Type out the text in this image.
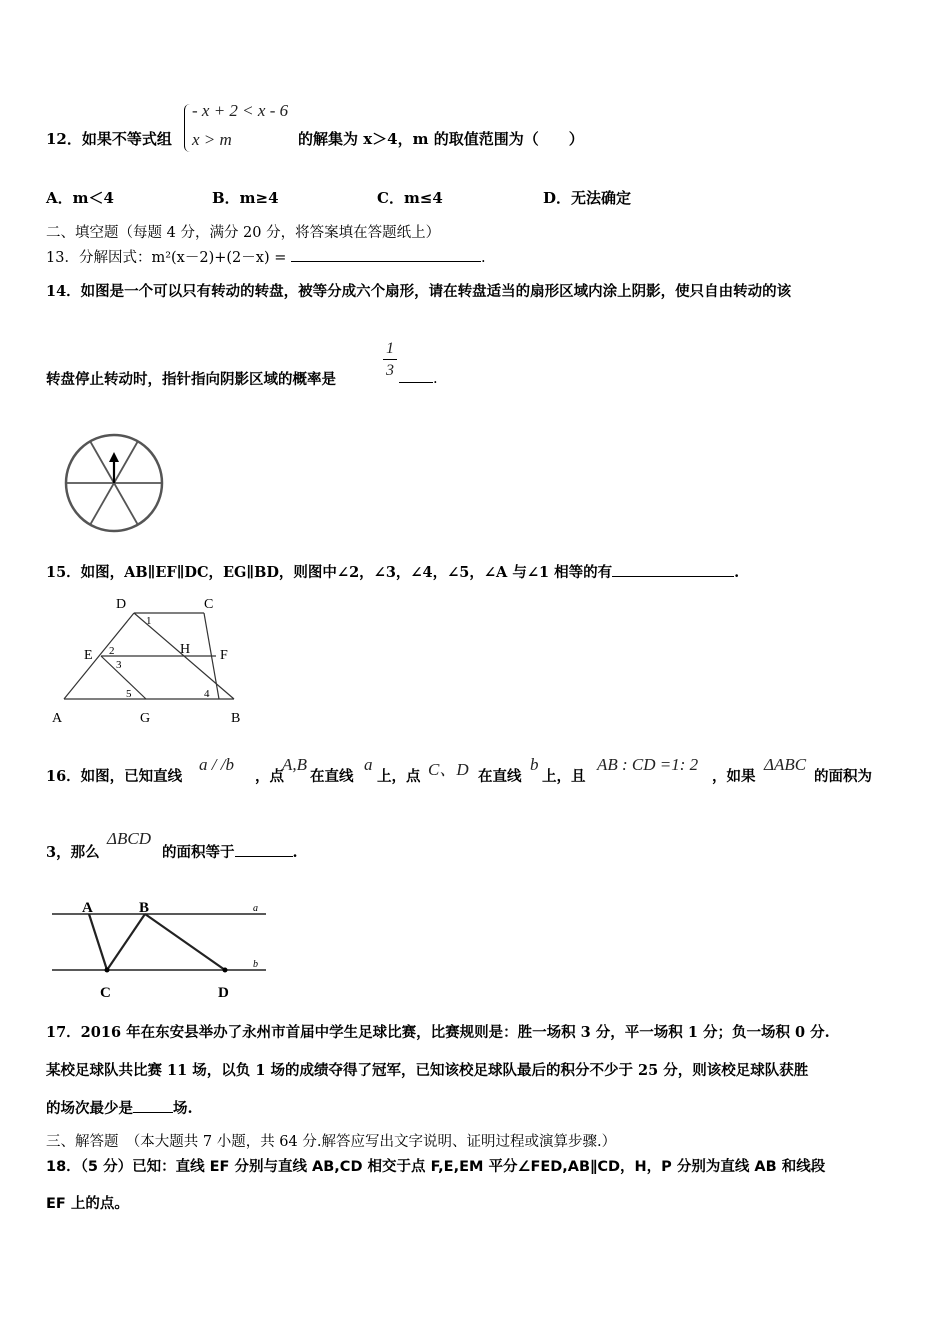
12．如果不等式组
- x + 2 < x - 6
x > m	的解集为 x＞4，m 的取值范围为（　　）
A．m＜4	B．m≥4	C．m≤4	D．无法确定
二、填空题（每题 4 分，满分 20 分，将答案填在答题纸上）
13．分解因式：m²(x－2)+(2－x) =	.
14．如图是一个可以只有转动的转盘，被等分成六个扇形，请在转盘适当的扇形区域内涂上阴影，使只自由转动的该
1
3
转盘停止转动时，指针指向阴影区域的概率是	.
15．如图，AB∥EF∥DC，EG∥BD，则图中∠2，∠3，∠4，∠5，∠A 与∠1 相等的有	.
D	C
E	F
H
A	G	B
1
2
3
4
5
16．如图，已知直线
a / /b
，点
A,B
在直线
a
上，点 C、D 在直线
b
上，且
AB : CD =1: 2
，如果
ΔABC
的面积为
3，那么
ΔBCD
的面积等于	.
A	B
C	D
a
b
17．2016 年在东安县举办了永州市首届中学生足球比赛，比赛规则是：胜一场积 3 分，平一场积 1 分；负一场积 0 分.
某校足球队共比赛 11 场，以负 1 场的成绩夺得了冠军，已知该校足球队最后的积分不少于 25 分，则该校足球队获胜
的场次最少是	场.
三、解答题　（本大题共 7 小题，共 64 分.解答应写出文字说明、证明过程或演算步骤.）
18．（5 分）已知：直线 EF 分别与直线 AB,CD 相交于点 F,E,EM 平分∠FED,AB∥CD，H，P 分别为直线 AB 和线段
EF 上的点。
